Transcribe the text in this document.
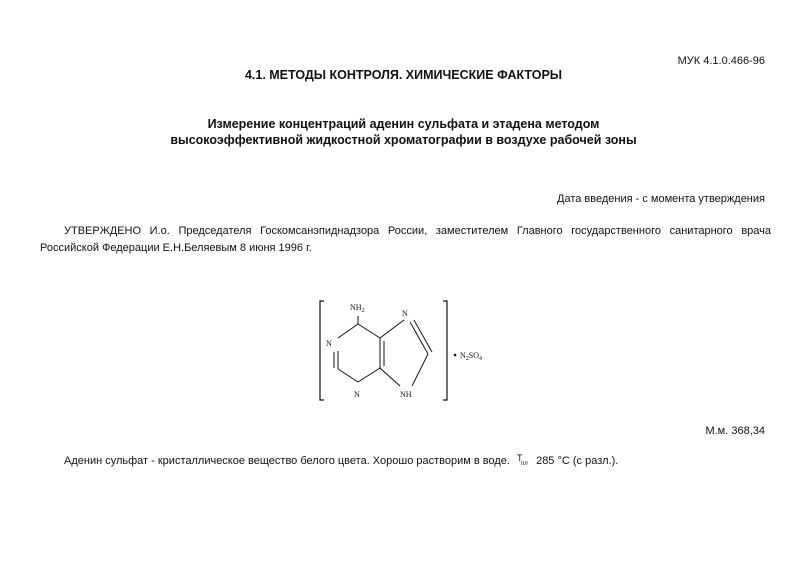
МУК 4.1.0.466-96
4.1. МЕТОДЫ КОНТРОЛЯ. ХИМИЧЕСКИЕ ФАКТОРЫ
Измерение концентраций аденин сульфата и этадена методом
высокоэффективной жидкостной хроматографии в воздухе рабочей зоны
Дата введения - с момента утверждения
УТВЕРЖДЕНО И.о. Председателя Госкомсанэпиднадзора России, заместителем Главного государственного санитарного врача Российской Федерации Е.Н.Беляевым 8 июня 1996 г.
$NH_2$	N
N
N	NH
$N_2SO_4$
М.м. 368,34
Аденин сульфат - кристаллическое вещество белого цвета. Хорошо растворим в воде. T
пл 285 °С (с разл.).
